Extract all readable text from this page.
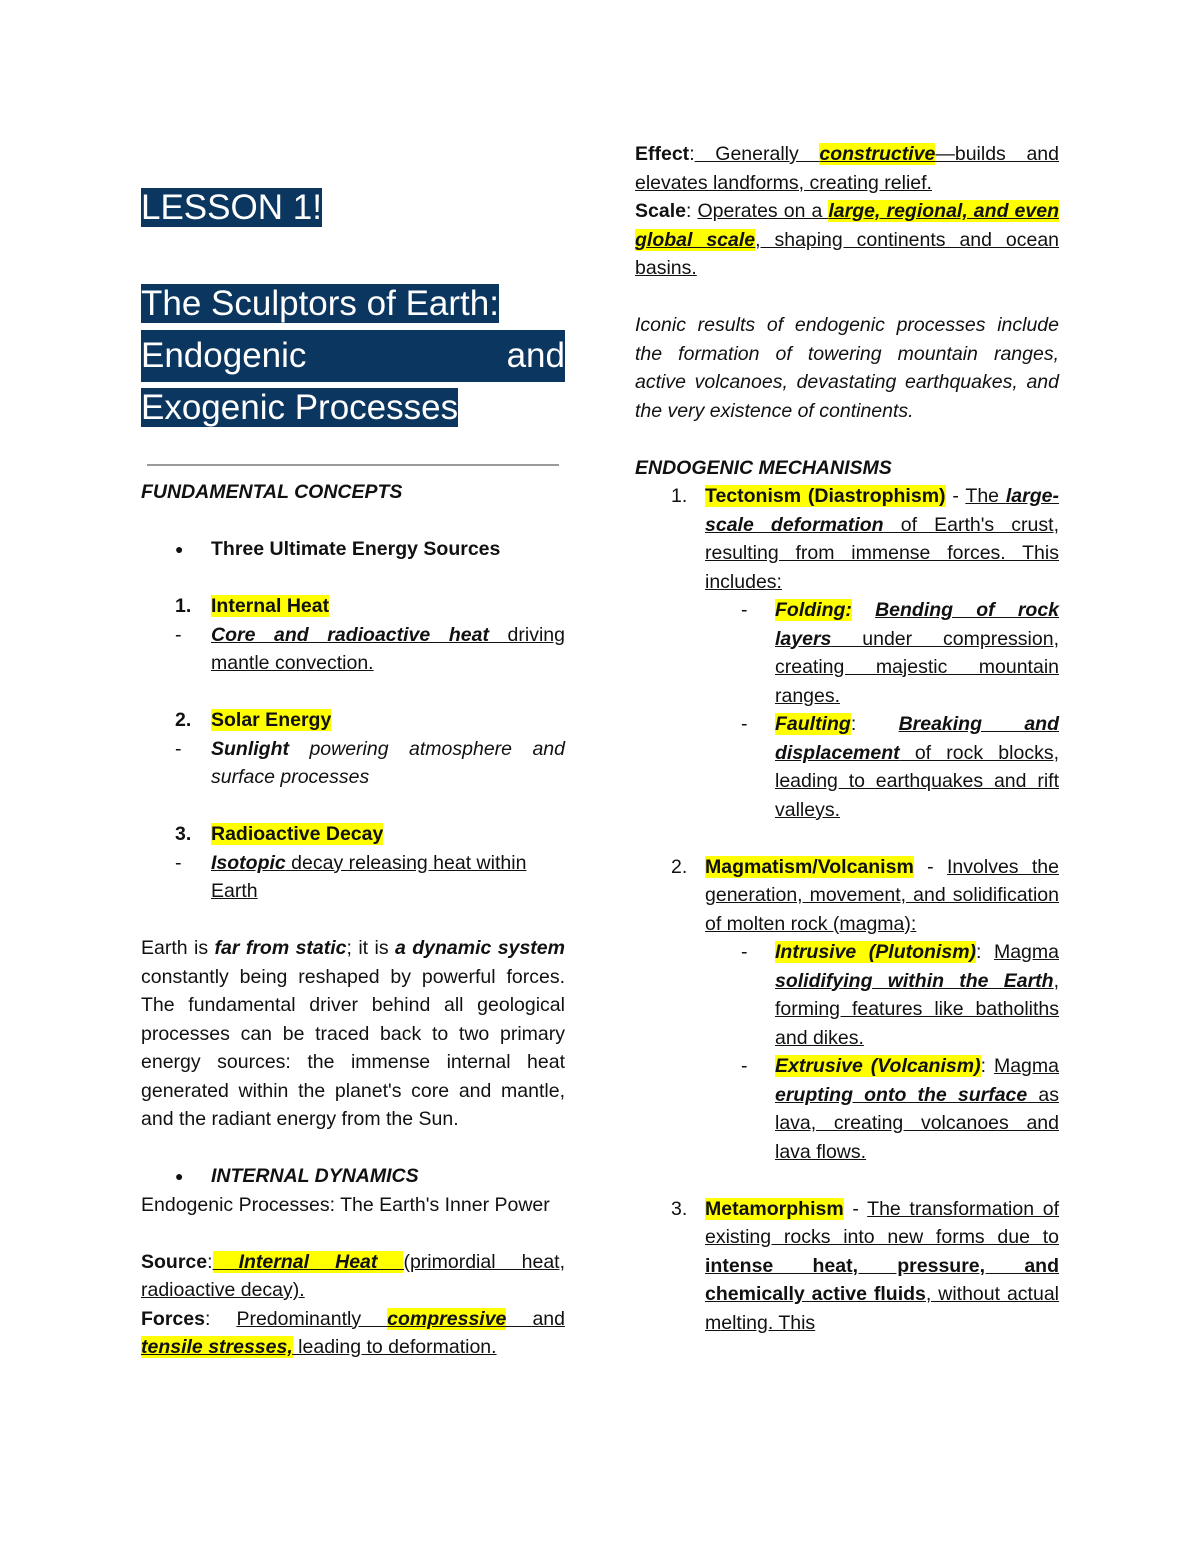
LESSON 1!
The Sculptors of Earth:
Endogenic and
Exogenic Processes
FUNDAMENTAL CONCEPTS
●	Three Ultimate Energy Sources
1.	Internal Heat
-	Core and radioactive heat driving mantle convection.
2.	Solar Energy
-	Sunlight powering atmosphere and surface processes
3.	Radioactive Decay
-	Isotopic decay releasing heat within Earth
Earth is far from static; it is a dynamic system constantly being reshaped by powerful forces. The fundamental driver behind all geological processes can be traced back to two primary energy sources: the immense internal heat generated within the planet's core and mantle, and the radiant energy from the Sun.
●	INTERNAL DYNAMICS
Endogenic Processes: The Earth's Inner Power
Source: Internal Heat (primordial heat, radioactive decay).
Forces: Predominantly compressive and tensile stresses, leading to deformation.
Effect: Generally constructive—builds and elevates landforms, creating relief.
Scale: Operates on a large, regional, and even global scale, shaping continents and ocean basins.
Iconic results of endogenic processes include the formation of towering mountain ranges, active volcanoes, devastating earthquakes, and the very existence of continents.
ENDOGENIC MECHANISMS
1. Tectonism (Diastrophism) - The large-scale deformation of Earth's crust, resulting from immense forces. This includes:
-	Folding: Bending of rock layers under compression, creating majestic mountain ranges.
-	Faulting: Breaking and displacement of rock blocks, leading to earthquakes and rift valleys.
2. Magmatism/Volcanism - Involves the generation, movement, and solidification of molten rock (magma):
-	Intrusive (Plutonism): Magma solidifying within the Earth, forming features like batholiths and dikes.
-	Extrusive (Volcanism): Magma erupting onto the surface as lava, creating volcanoes and lava flows.
3. Metamorphism - The transformation of existing rocks into new forms due to intense heat, pressure, and chemically active fluids, without actual melting. This
